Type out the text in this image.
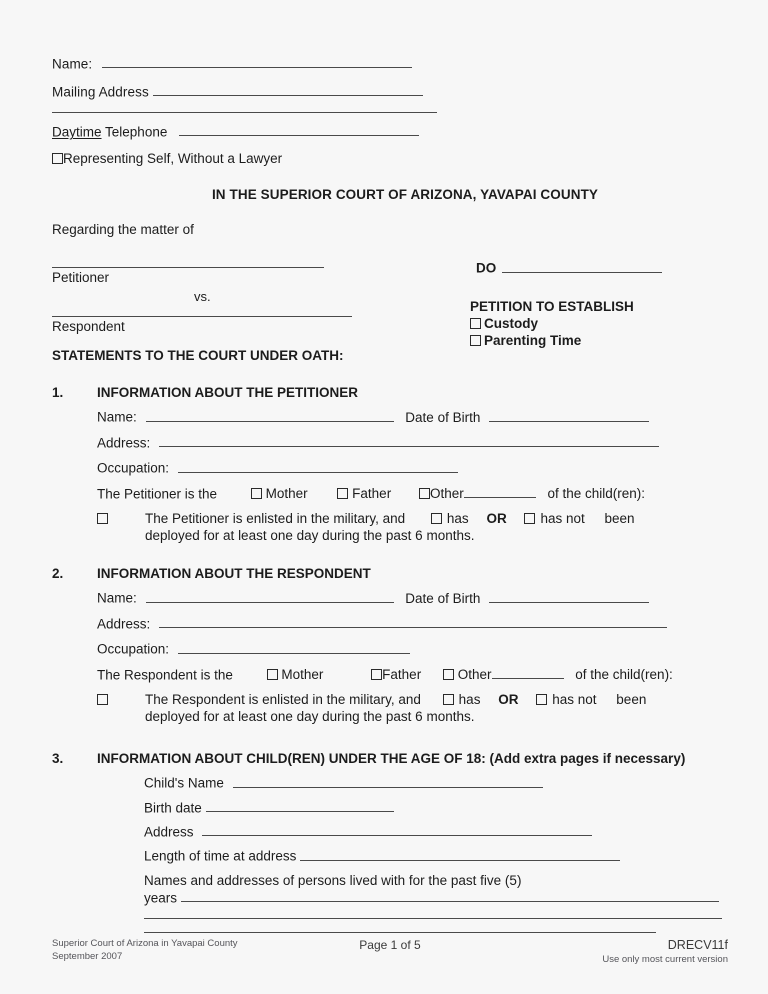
Name:
Mailing Address
Daytime Telephone
Representing Self, Without a Lawyer
IN THE SUPERIOR COURT OF ARIZONA, YAVAPAI COUNTY
Regarding the matter of
Petitioner
vs.
Respondent
DO
PETITION TO ESTABLISH
Custody
Parenting Time
STATEMENTS TO THE COURT UNDER OATH:
1. INFORMATION ABOUT THE PETITIONER
Name:	Date of Birth
Address:
Occupation:
The Petitioner is the	Mother	Father	Other	of the child(ren):
The Petitioner is enlisted in the military, and	has OR	has not been
deployed for at least one day during the past 6 months.
2. INFORMATION ABOUT THE RESPONDENT
Name:	Date of Birth
Address:
Occupation:
The Respondent is the	Mother	Father	Other	of the child(ren):
The Respondent is enlisted in the military, and	has OR	has not been
deployed for at least one day during the past 6 months.
3. INFORMATION ABOUT CHILD(REN) UNDER THE AGE OF 18: (Add extra pages if necessary)
Child's Name
Birth date
Address
Length of time at address
Names and addresses of persons lived with for the past five (5)
years
Superior Court of Arizona in Yavapai County
September 2007
Page 1 of 5	DRECV11f
Use only most current version
